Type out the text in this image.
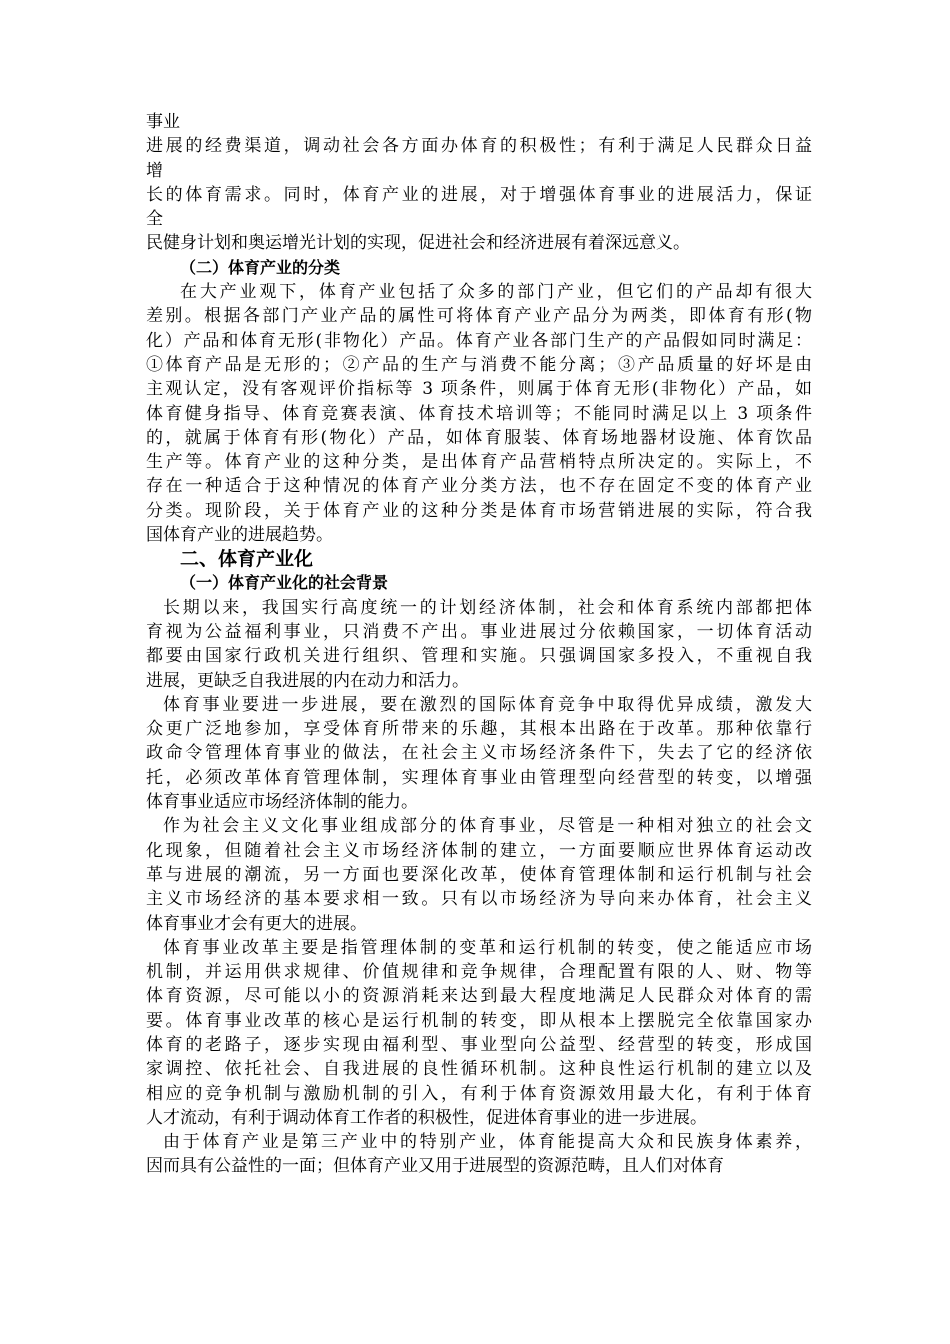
事业
进展的经费渠道，调动社会各方面办体育的积极性；有利于满足人民群众日益
增
长的体育需求。同时，体育产业的进展，对于增强体育事业的进展活力，保证
全
民健身计划和奥运增光计划的实现，促进社会和经济进展有着深远意义。
（二）体育产业的分类
在大产业观下，体育产业包括了众多的部门产业，但它们的产品却有很大
差别。根据各部门产业产品的属性可将体育产业产品分为两类，即体育有形(物
化）产品和体育无形(非物化）产品。体育产业各部门生产的产品假如同时满足：
①体育产品是无形的；②产品的生产与消费不能分离；③产品质量的好坏是由
主观认定，没有客观评价指标等 3 项条件，则属于体育无形(非物化）产品，如
体育健身指导、体育竞赛表演、体育技术培训等；不能同时满足以上 3 项条件
的，就属于体育有形(物化）产品，如体育服装、体育场地器材设施、体育饮品
生产等。体育产业的这种分类，是出体育产品营梢特点所决定的。实际上，不
存在一种适合于这种情况的体育产业分类方法，也不存在固定不变的体育产业
分类。现阶段，关于体育产业的这种分类是体育市场营销进展的实际，符合我
国体育产业的进展趋势。
二、体育产业化
（一）体育产业化的社会背景
长期以来，我国实行高度统一的计划经济体制，社会和体育系统内部都把体
育视为公益福利事业，只消费不产出。事业进展过分依赖国家，一切体育活动
都要由国家行政机关进行组织、管理和实施。只强调国家多投入，不重视自我
进展，更缺乏自我进展的内在动力和活力。
体育事业要进一步进展，要在激烈的国际体育竞争中取得优异成绩，激发大
众更广泛地参加，享受体育所带来的乐趣，其根本出路在于改革。那种依靠行
政命令管理体育事业的做法，在社会主义市场经济条件下，失去了它的经济依
托，必须改革体育管理体制，实理体育事业由管理型向经营型的转变，以增强
体育事业适应市场经济体制的能力。
作为社会主义文化事业组成部分的体育事业，尽管是一种相对独立的社会文
化现象，但随着社会主义市场经济体制的建立，一方面要顺应世界体育运动改
革与进展的潮流，另一方面也要深化改革，使体育管理体制和运行机制与社会
主义市场经济的基本要求相一致。只有以市场经济为导向来办体育，社会主义
体育事业才会有更大的进展。
体育事业改革主要是指管理体制的变革和运行机制的转变，使之能适应市场
机制，并运用供求规律、价值规律和竞争规律，合理配置有限的人、财、物等
体育资源，尽可能以小的资源消耗来达到最大程度地满足人民群众对体育的需
要。体育事业改革的核心是运行机制的转变，即从根本上摆脱完全依靠国家办
体育的老路子，逐步实现由福利型、事业型向公益型、经营型的转变，形成国
家调控、依托社会、自我进展的良性循环机制。这种良性运行机制的建立以及
相应的竞争机制与激励机制的引入，有利于体育资源效用最大化，有利于体育
人才流动，有利于调动体育工作者的积极性，促进体育事业的进一步进展。
由于体育产业是第三产业中的特别产业，体育能提高大众和民族身体素养，
因而具有公益性的一面；但体育产业又用于进展型的资源范畴，且人们对体育
